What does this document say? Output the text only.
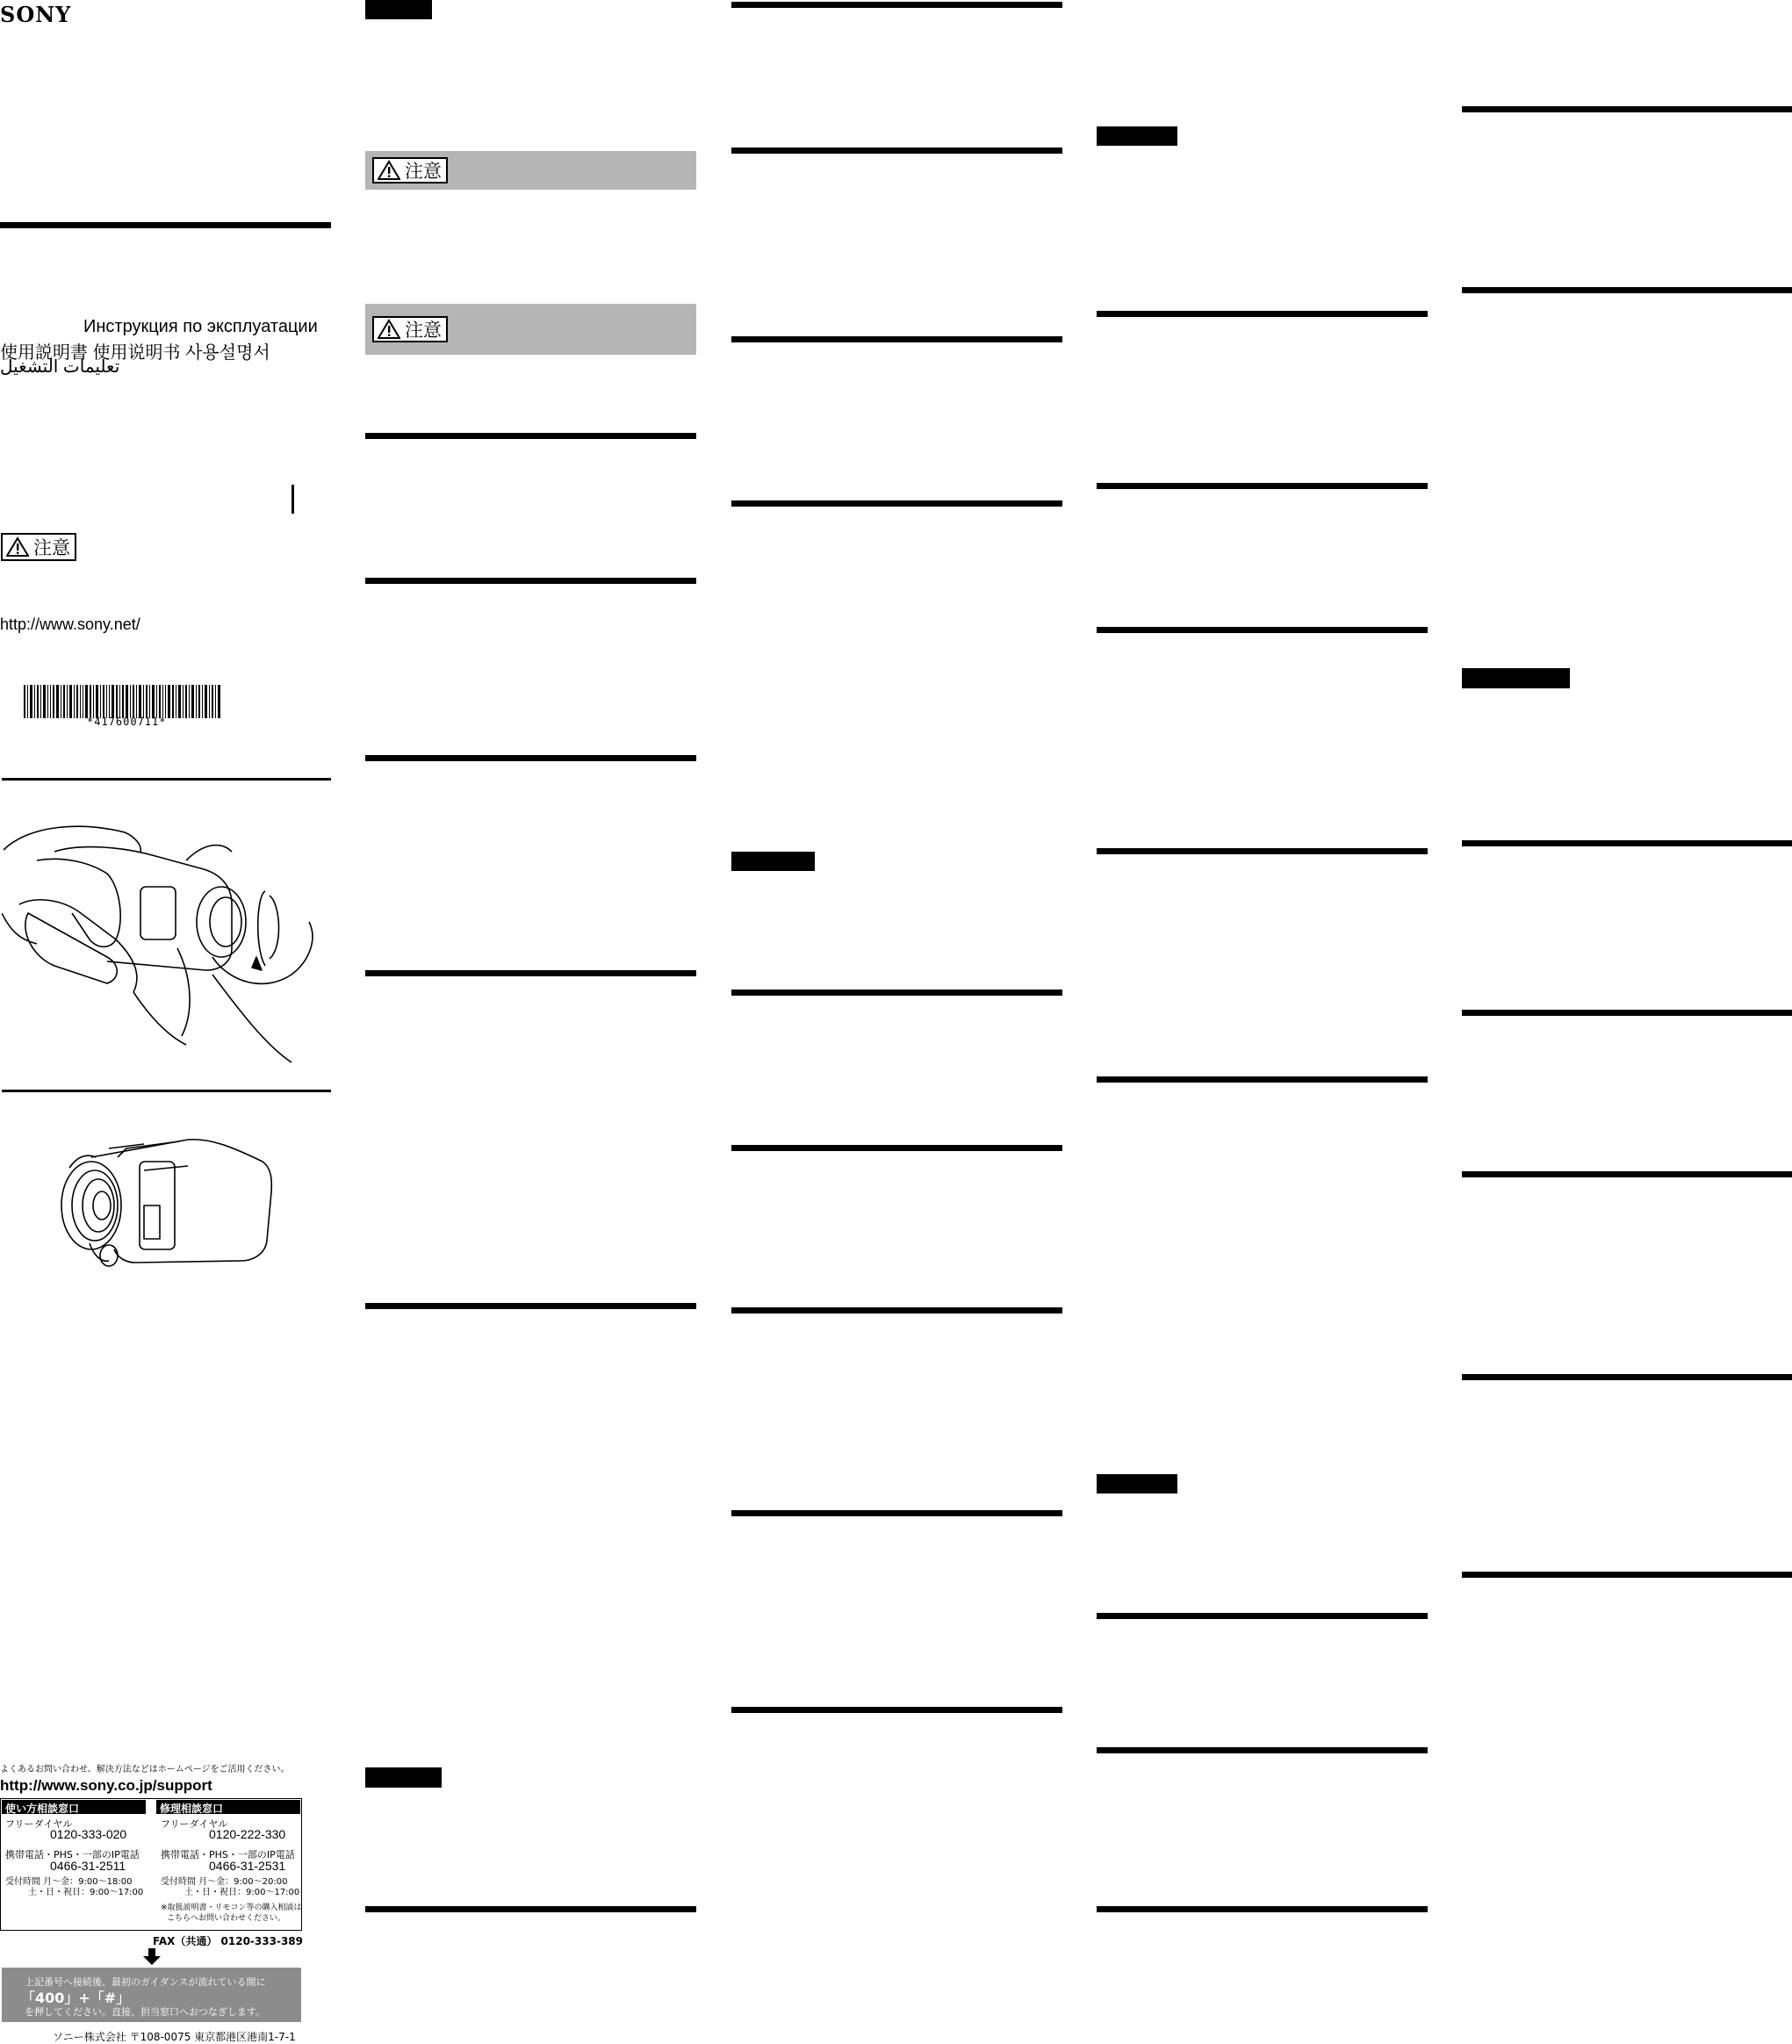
SONY
Инструкция по эксплуатации
使用説明書 使用说明书 사용설명서
تعليمات التشغيل
注意
http://www.sony.net/
*417600711*
よくあるお問い合わせ、解決方法などはホームページをご活用ください。
http://www.sony.co.jp/support
使い方相談窓口	修理相談窓口
フリーダイヤル
0120-333-020
携帯電話・PHS・一部のIP電話
0466-31-2511
受付時間 月〜金：9:00〜18:00
土・日・祝日：9:00〜17:00
フリーダイヤル
0120-222-330
携帯電話・PHS・一部のIP電話
0466-31-2531
受付時間 月〜金：9:00〜20:00
土・日・祝日：9:00〜17:00
※取扱説明書・リモコン等の購入相談は
こちらへお問い合わせください。
FAX（共通） 0120-333-389
上記番号へ接続後、最初のガイダンスが流れている間に
「400」+「#」
を押してください。直接、担当窓口へおつなぎします。
ソニー株式会社 〒108-0075 東京都港区港南1-7-1
注意
注意
